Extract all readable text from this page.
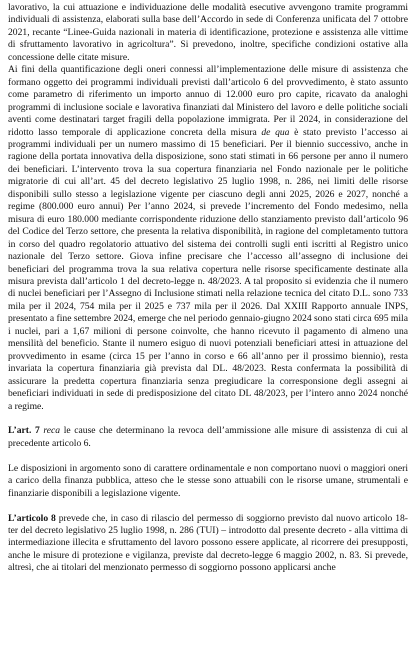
lavorativo, la cui attuazione e individuazione delle modalità esecutive avvengono tramite programmi individuali di assistenza, elaborati sulla base dell’Accordo in sede di Conferenza unificata del 7 ottobre 2021, recante “Linee-Guida nazionali in materia di identificazione, protezione e assistenza alle vittime di sfruttamento lavorativo in agricoltura”. Si prevedono, inoltre, specifiche condizioni ostative alla concessione delle citate misure.

Ai fini della quantificazione degli oneri connessi all’implementazione delle misure di assistenza che formano oggetto dei programmi individuali previsti dall’articolo 6 del provvedimento, è stato assunto come parametro di riferimento un importo annuo di 12.000 euro pro capite, ricavato da analoghi programmi di inclusione sociale e lavorativa finanziati dal Ministero del lavoro e delle politiche sociali aventi come destinatari target fragili della popolazione immigrata. Per il 2024, in considerazione del ridotto lasso temporale di applicazione concreta della misura de qua è stato previsto l’accesso ai programmi individuali per un numero massimo di 15 beneficiari. Per il biennio successivo, anche in ragione della portata innovativa della disposizione, sono stati stimati in 66 persone per anno il numero dei beneficiari. L’intervento trova la sua copertura finanziaria nel Fondo nazionale per le politiche migratorie di cui all’art. 45 del decreto legislativo 25 luglio 1998, n. 286, nei limiti delle risorse disponibili sullo stesso a legislazione vigente per ciascuno degli anni 2025, 2026 e 2027, nonché a regime (800.000 euro annui) Per l’anno 2024, si prevede l’incremento del Fondo medesimo, nella misura di euro 180.000 mediante corrispondente riduzione dello stanziamento previsto dall’articolo 96 del Codice del Terzo settore, che presenta la relativa disponibilità, in ragione del completamento tuttora in corso del quadro regolatorio attuativo del sistema dei controlli sugli enti iscritti al Registro unico nazionale del Terzo settore. Giova infine precisare che l’accesso all’assegno di inclusione dei beneficiari del programma trova la sua relativa copertura nelle risorse specificamente destinate alla misura prevista dall’articolo 1 del decreto-legge n. 48/2023. A tal proposito si evidenzia che il numero di nuclei beneficiari per l’Assegno di Inclusione stimati nella relazione tecnica del citato D.L. sono 733 mila per il 2024, 754 mila per il 2025 e 737 mila per il 2026. Dal XXIII Rapporto annuale INPS, presentato a fine settembre 2024, emerge che nel periodo gennaio-giugno 2024 sono stati circa 695 mila i nuclei, pari a 1,67 milioni di persone coinvolte, che hanno ricevuto il pagamento di almeno una mensilità del beneficio. Stante il numero esiguo di nuovi potenziali beneficiari attesi in attuazione del provvedimento in esame (circa 15 per l’anno in corso e 66 all’anno per il prossimo biennio), resta invariata la copertura finanziaria già prevista dal DL. 48/2023. Resta confermata la possibilità di assicurare la predetta copertura finanziaria senza pregiudicare la corresponsione degli assegni ai beneficiari individuati in sede di predisposizione del citato DL 48/2023, per l’intero anno 2024 nonché a regime.

L’art. 7 reca le cause che determinano la revoca dell’ammissione alle misure di assistenza di cui al precedente articolo 6.

Le disposizioni in argomento sono di carattere ordinamentale e non comportano nuovi o maggiori oneri a carico della finanza pubblica, atteso che le stesse sono attuabili con le risorse umane, strumentali e finanziarie disponibili a legislazione vigente.

L’articolo 8 prevede che, in caso di rilascio del permesso di soggiorno previsto dal nuovo articolo 18-ter del decreto legislativo 25 luglio 1998, n. 286 (TUI) – introdotto dal presente decreto - alla vittima di intermediazione illecita e sfruttamento del lavoro possono essere applicate, al ricorrere dei presupposti, anche le misure di protezione e vigilanza, previste dal decreto-legge 6 maggio 2002, n. 83. Si prevede, altresì, che ai titolari del menzionato permesso di soggiorno possono applicarsi anche
